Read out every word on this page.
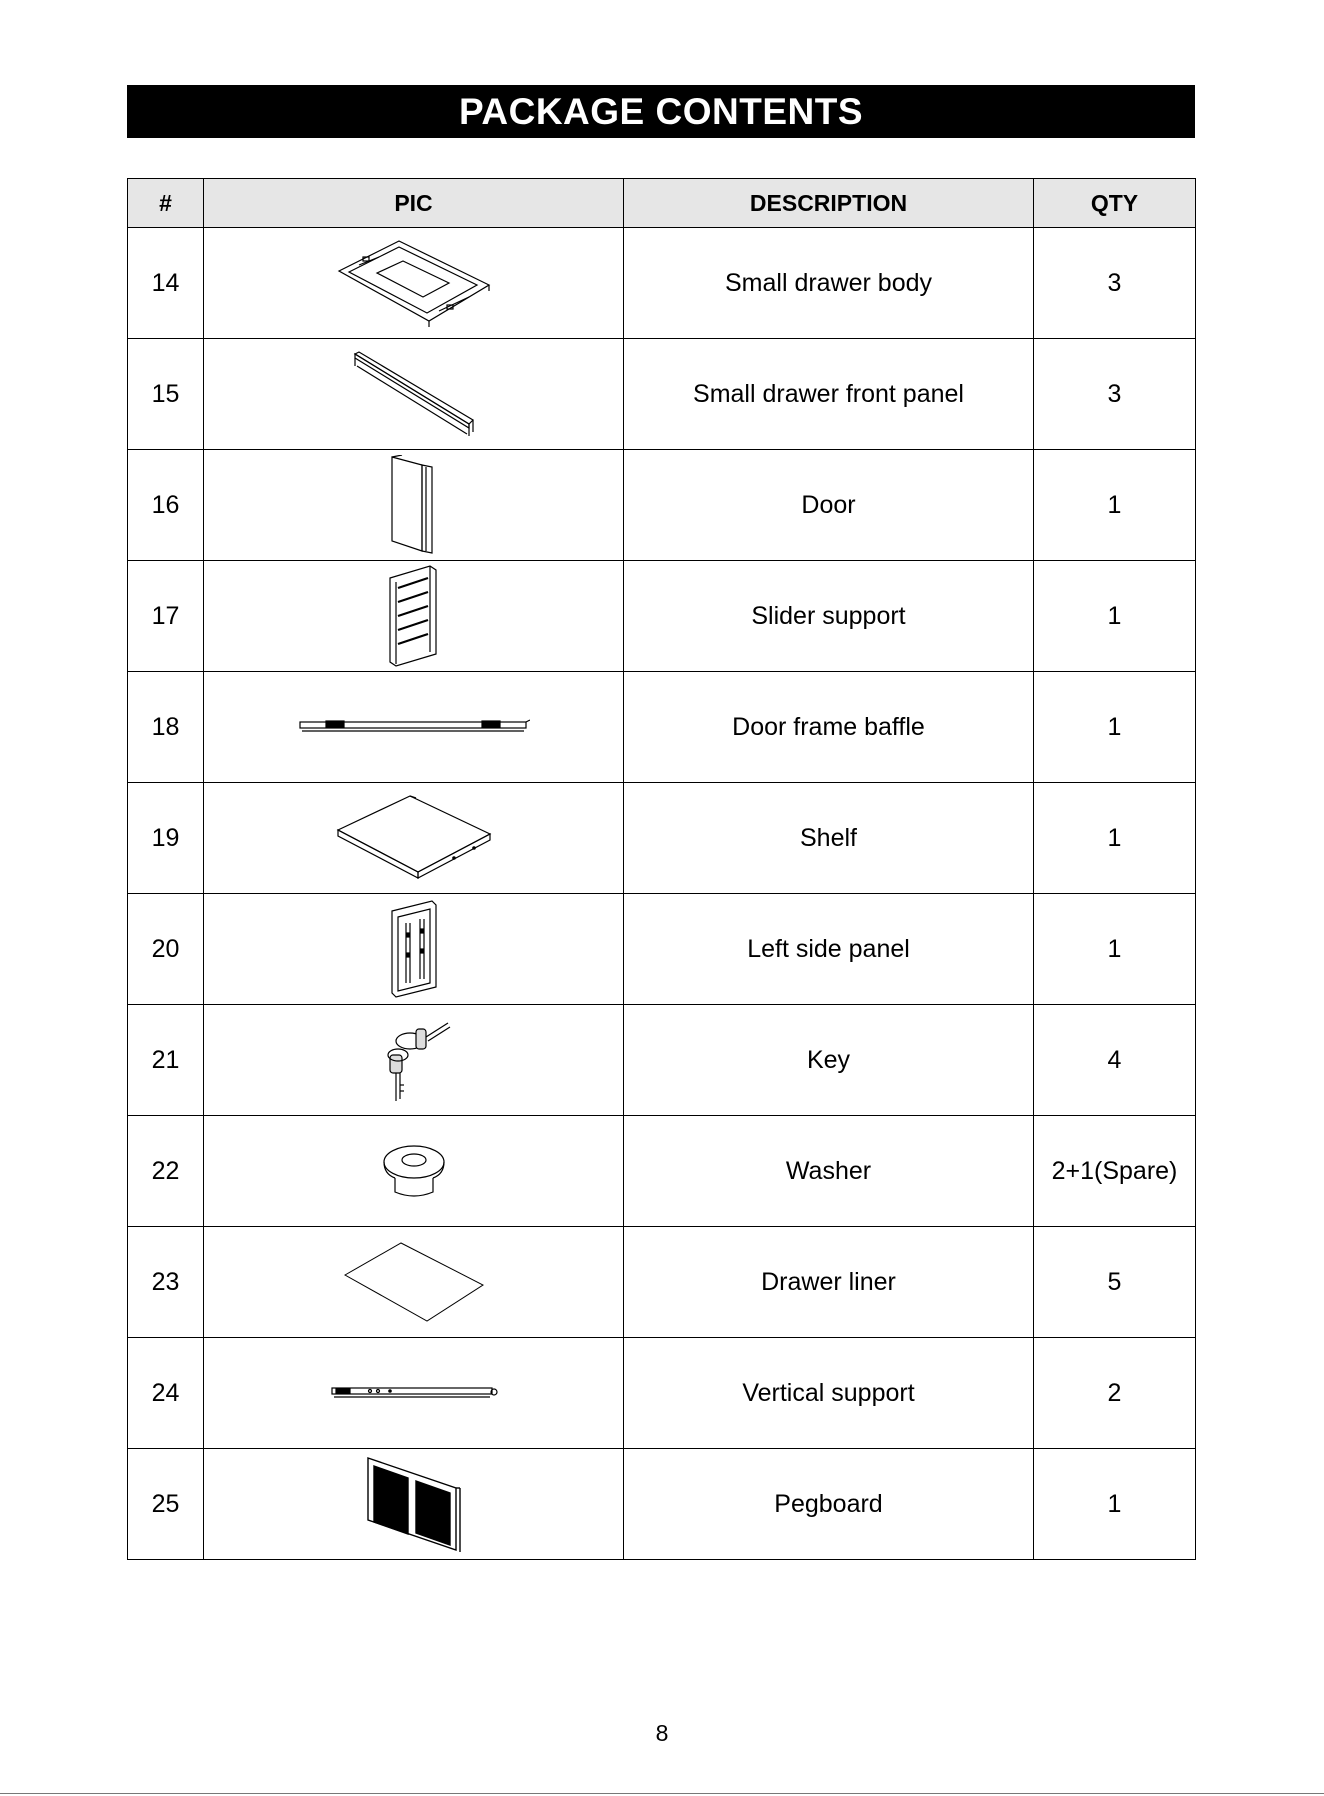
PACKAGE CONTENTS
#	PIC	DESCRIPTION	QTY
14		Small drawer body	3
15		Small drawer front panel	3
16		Door	1
17		Slider support	1
18		Door frame baffle	1
19		Shelf	1
20		Left side panel	1
21		Key	4
22		Washer	2+1(Spare)
23		Drawer liner	5
24		Vertical support	2
25		Pegboard	1
8
